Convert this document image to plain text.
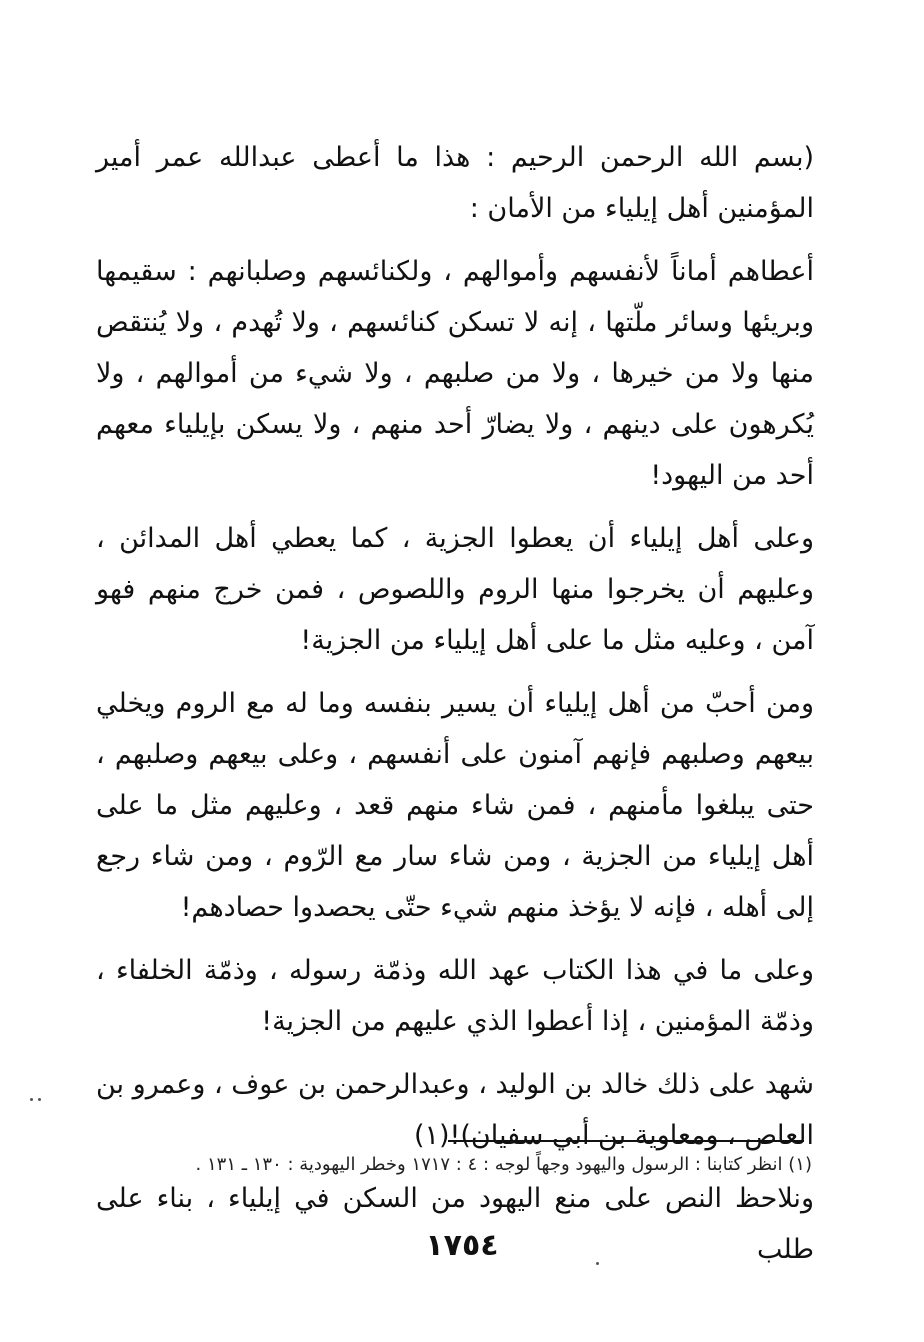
(بسم الله الرحمن الرحيم : هذا ما أعطى عبدالله عمر أمير المؤمنين أهل إيلياء من الأمان :

أعطاهم أماناً لأنفسهم وأموالهم ، ولكنائسهم وصلبانهم : سقيمها وبريئها وسائر ملّتها ، إنه لا تسكن كنائسهم ، ولا تُهدم ، ولا يُنتقص منها ولا من خيرها ، ولا من صلبهم ، ولا شيء من أموالهم ، ولا يُكرهون على دينهم ، ولا يضارّ أحد منهم ، ولا يسكن بإيلياء معهم أحد من اليهود!

وعلى أهل إيلياء أن يعطوا الجزية ، كما يعطي أهل المدائن ، وعليهم أن يخرجوا منها الروم واللصوص ، فمن خرج منهم فهو آمن ، وعليه مثل ما على أهل إيلياء من الجزية!

ومن أحبّ من أهل إيلياء أن يسير بنفسه وما له مع الروم ويخلي بيعهم وصلبهم فإنهم آمنون على أنفسهم ، وعلى بيعهم وصلبهم ، حتى يبلغوا مأمنهم ، فمن شاء منهم قعد ، وعليهم مثل ما على أهل إيلياء من الجزية ، ومن شاء سار مع الرّوم ، ومن شاء رجع إلى أهله ، فإنه لا يؤخذ منهم شيء حتّى يحصدوا حصادهم!

وعلى ما في هذا الكتاب عهد الله وذمّة رسوله ، وذمّة الخلفاء ، وذمّة المؤمنين ، إذا أعطوا الذي عليهم من الجزية!

شهد على ذلك خالد بن الوليد ، وعبدالرحمن بن عوف ، وعمرو بن العاص ، ومعاوية بن أبي سفيان)!(١)

ونلاحظ النص على منع اليهود من السكن في إيلياء ، بناء على طلب

(١) انظر كتابنا : الرسول واليهود وجهاً لوجه : ٤ : ١٧١٧ وخطر اليهودية : ١٣٠ ـ ١٣١ .
١٧٥٤
